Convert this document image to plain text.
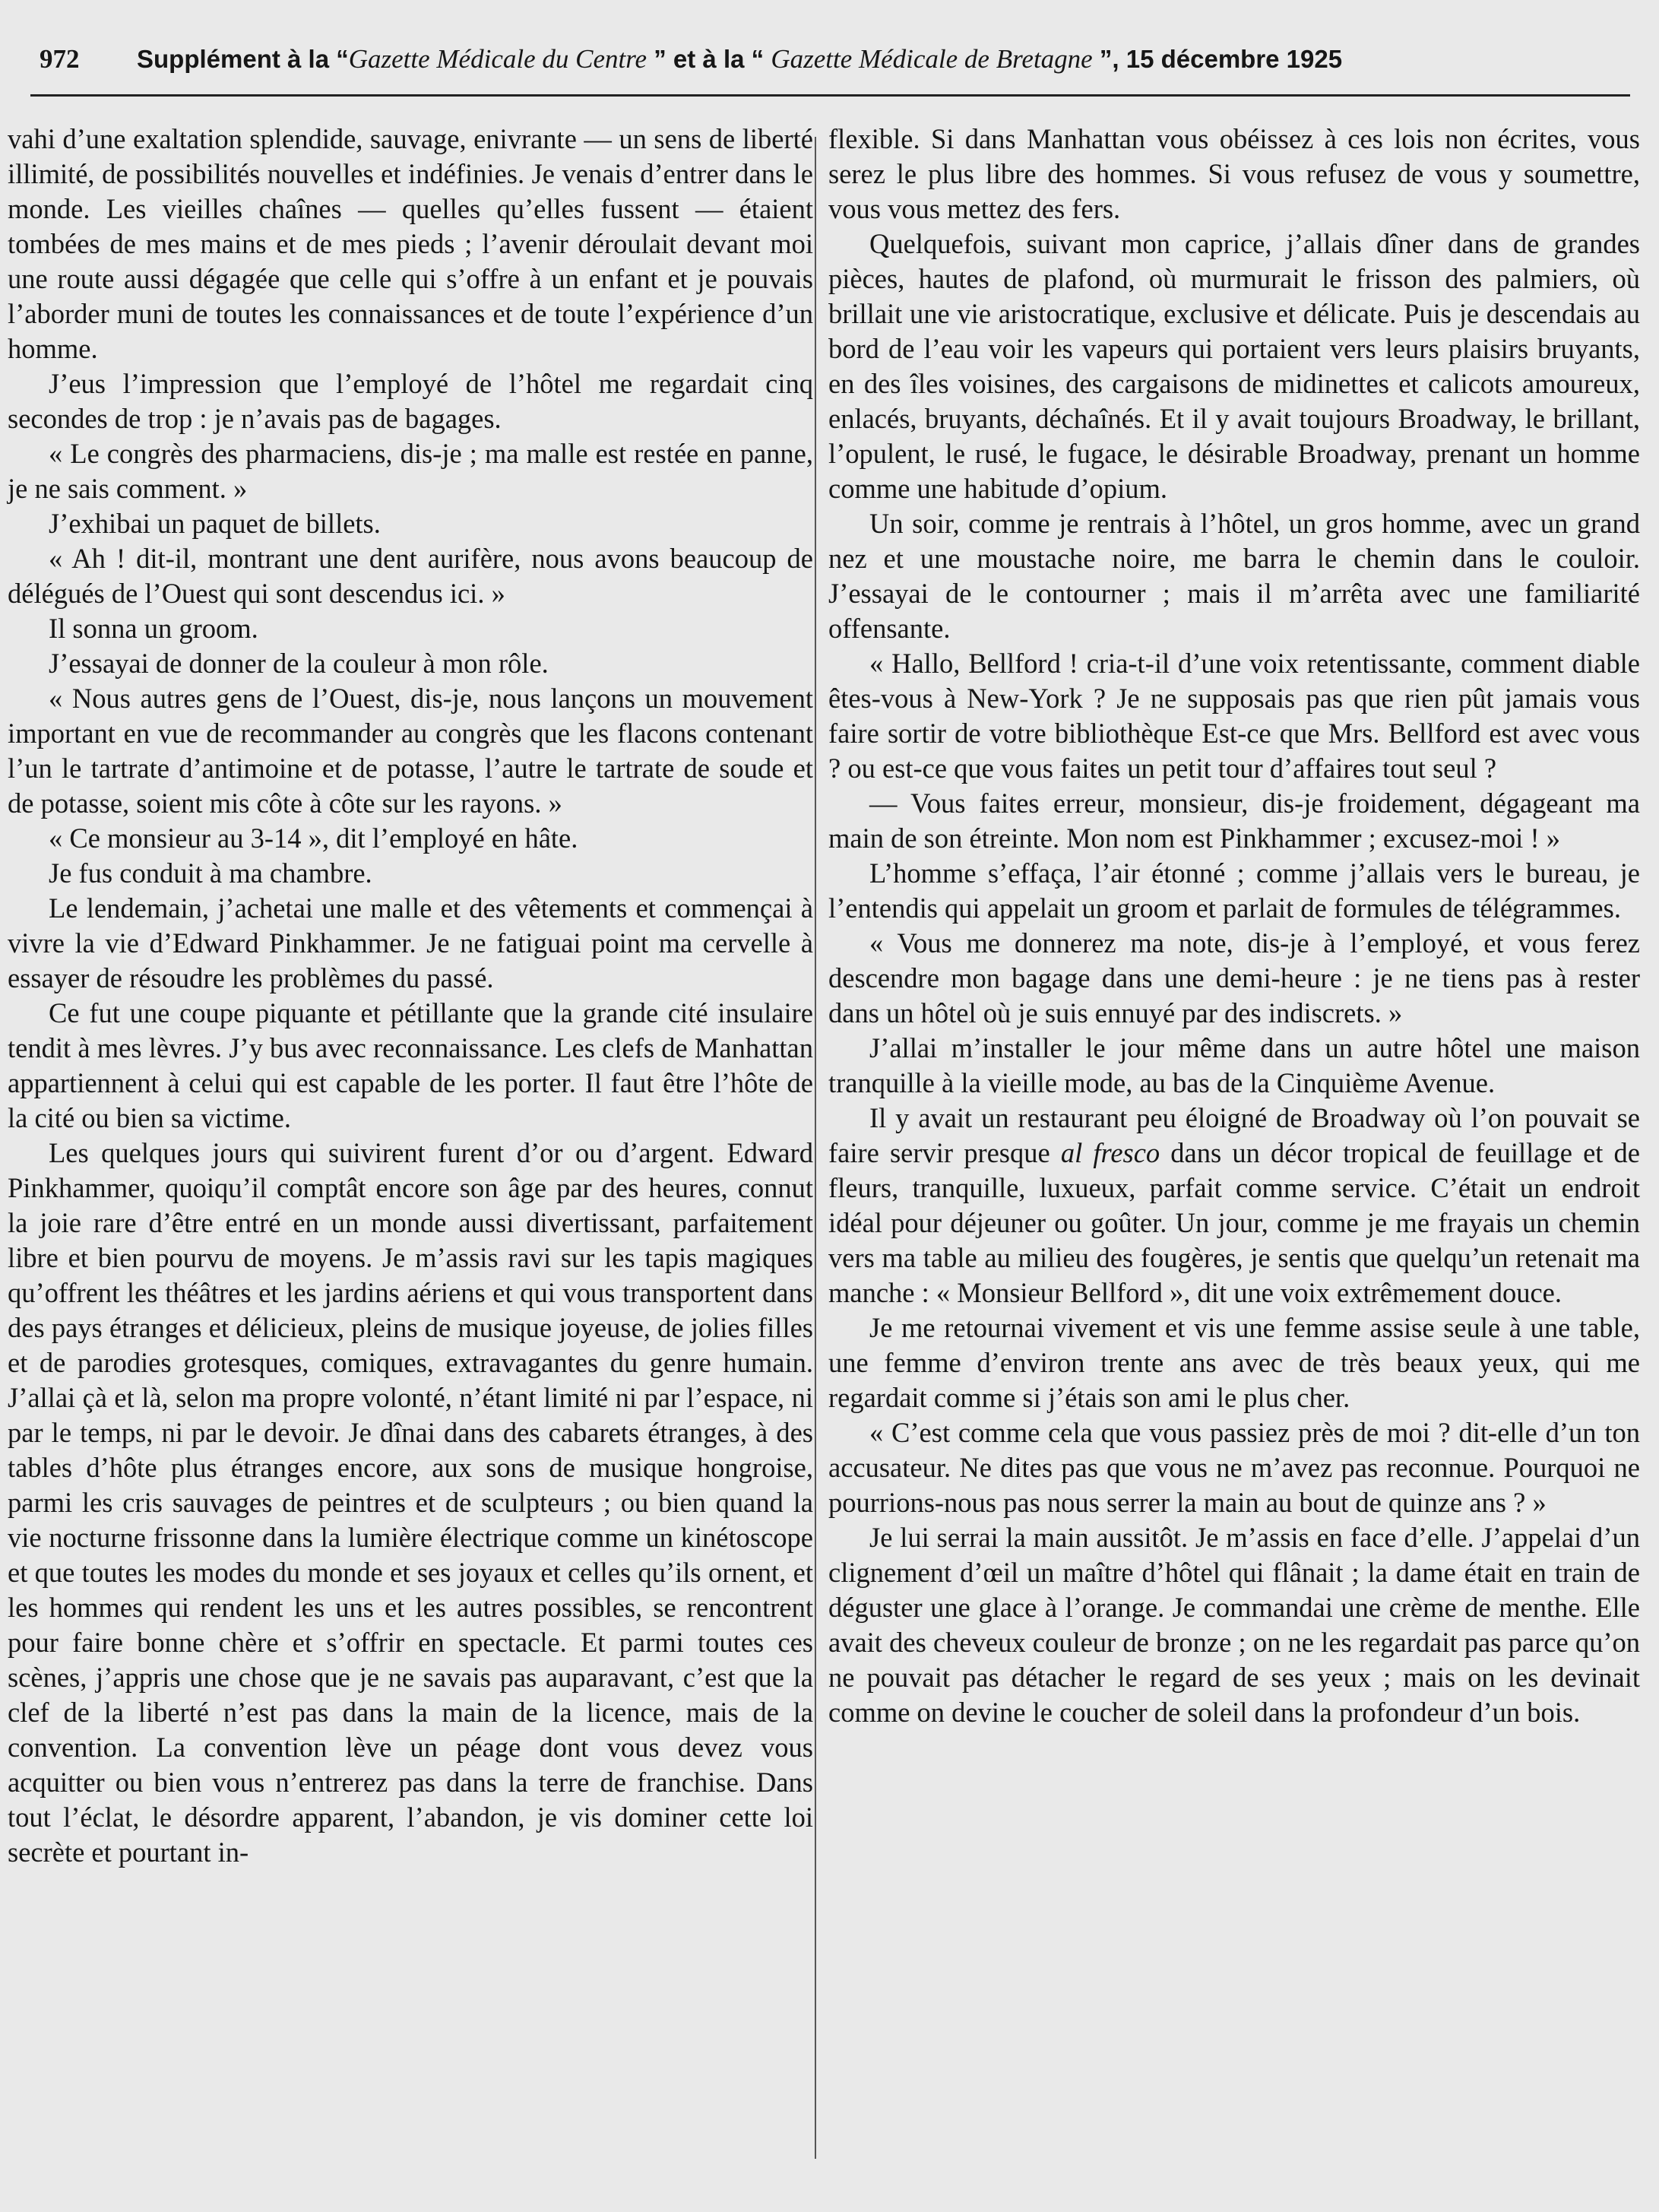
972 Supplément à la “Gazette Médicale du Centre ” et à la “ Gazette Médicale de Bretagne ”, 15 décembre 1925

vahi d’une exaltation splendide, sauvage, enivrante — un sens de liberté illimité, de possibilités nouvelles et indéfinies. Je venais d’entrer dans le monde. Les vieilles chaînes — quelles qu’elles fussent — étaient tombées de mes mains et de mes pieds ; l’avenir déroulait devant moi une route aussi dégagée que celle qui s’offre à un enfant et je pouvais l’aborder muni de toutes les connaissances et de toute l’expérience d’un homme.

J’eus l’impression que l’employé de l’hôtel me regardait cinq secondes de trop : je n’avais pas de bagages.

« Le congrès des pharmaciens, dis-je ; ma malle est restée en panne, je ne sais comment. »

J’exhibai un paquet de billets.

« Ah ! dit-il, montrant une dent aurifère, nous avons beaucoup de délégués de l’Ouest qui sont descendus ici. »

Il sonna un groom.

J’essayai de donner de la couleur à mon rôle.

« Nous autres gens de l’Ouest, dis-je, nous lançons un mouvement important en vue de recommander au congrès que les flacons contenant l’un le tartrate d’antimoine et de potasse, l’autre le tartrate de soude et de potasse, soient mis côte à côte sur les rayons. »

« Ce monsieur au 3-14 », dit l’employé en hâte.

Je fus conduit à ma chambre.

Le lendemain, j’achetai une malle et des vêtements et commençai à vivre la vie d’Edward Pinkhammer. Je ne fatiguai point ma cervelle à essayer de résoudre les problèmes du passé.

Ce fut une coupe piquante et pétillante que la grande cité insulaire tendit à mes lèvres. J’y bus avec reconnaissance. Les clefs de Manhattan appartiennent à celui qui est capable de les porter. Il faut être l’hôte de la cité ou bien sa victime.

Les quelques jours qui suivirent furent d’or ou d’argent. Edward Pinkhammer, quoiqu’il comptât encore son âge par des heures, connut la joie rare d’être entré en un monde aussi divertissant, parfaitement libre et bien pourvu de moyens. Je m’assis ravi sur les tapis magiques qu’offrent les théâtres et les jardins aériens et qui vous transportent dans des pays étranges et délicieux, pleins de musique joyeuse, de jolies filles et de parodies grotesques, comiques, extravagantes du genre humain. J’allai çà et là, selon ma propre volonté, n’étant limité ni par l’espace, ni par le temps, ni par le devoir. Je dînai dans des cabarets étranges, à des tables d’hôte plus étranges encore, aux sons de musique hongroise, parmi les cris sauvages de peintres et de sculpteurs ; ou bien quand la vie nocturne frissonne dans la lumière électrique comme un kinétoscope et que toutes les modes du monde et ses joyaux et celles qu’ils ornent, et les hommes qui rendent les uns et les autres possibles, se rencontrent pour faire bonne chère et s’offrir en spectacle. Et parmi toutes ces scènes, j’appris une chose que je ne savais pas auparavant, c’est que la clef de la liberté n’est pas dans la main de la licence, mais de la convention. La convention lève un péage dont vous devez vous acquitter ou bien vous n’entrerez pas dans la terre de franchise. Dans tout l’éclat, le désordre apparent, l’abandon, je vis dominer cette loi secrète et pourtant in-

flexible. Si dans Manhattan vous obéissez à ces lois non écrites, vous serez le plus libre des hommes. Si vous refusez de vous y soumettre, vous vous mettez des fers.

Quelquefois, suivant mon caprice, j’allais dîner dans de grandes pièces, hautes de plafond, où murmurait le frisson des palmiers, où brillait une vie aristocratique, exclusive et délicate. Puis je descendais au bord de l’eau voir les vapeurs qui portaient vers leurs plaisirs bruyants, en des îles voisines, des cargaisons de midinettes et calicots amoureux, enlacés, bruyants, déchaînés. Et il y avait toujours Broadway, le brillant, l’opulent, le rusé, le fugace, le désirable Broadway, prenant un homme comme une habitude d’opium.

Un soir, comme je rentrais à l’hôtel, un gros homme, avec un grand nez et une moustache noire, me barra le chemin dans le couloir. J’essayai de le contourner ; mais il m’arrêta avec une familiarité offensante.

« Hallo, Bellford ! cria-t-il d’une voix retentissante, comment diable êtes-vous à New-York ? Je ne supposais pas que rien pût jamais vous faire sortir de votre bibliothèque Est-ce que Mrs. Bellford est avec vous ? ou est-ce que vous faites un petit tour d’affaires tout seul ?

— Vous faites erreur, monsieur, dis-je froidement, dégageant ma main de son étreinte. Mon nom est Pinkhammer ; excusez-moi ! »

L’homme s’effaça, l’air étonné ; comme j’allais vers le bureau, je l’entendis qui appelait un groom et parlait de formules de télégrammes.

« Vous me donnerez ma note, dis-je à l’employé, et vous ferez descendre mon bagage dans une demi-heure : je ne tiens pas à rester dans un hôtel où je suis ennuyé par des indiscrets. »

J’allai m’installer le jour même dans un autre hôtel une maison tranquille à la vieille mode, au bas de la Cinquième Avenue.

Il y avait un restaurant peu éloigné de Broadway où l’on pouvait se faire servir presque al fresco dans un décor tropical de feuillage et de fleurs, tranquille, luxueux, parfait comme service. C’était un endroit idéal pour déjeuner ou goûter. Un jour, comme je me frayais un chemin vers ma table au milieu des fougères, je sentis que quelqu’un retenait ma manche : « Monsieur Bellford », dit une voix extrêmement douce.

Je me retournai vivement et vis une femme assise seule à une table, une femme d’environ trente ans avec de très beaux yeux, qui me regardait comme si j’étais son ami le plus cher.

« C’est comme cela que vous passiez près de moi ? dit-elle d’un ton accusateur. Ne dites pas que vous ne m’avez pas reconnue. Pourquoi ne pourrions-nous pas nous serrer la main au bout de quinze ans ? »

Je lui serrai la main aussitôt. Je m’assis en face d’elle. J’appelai d’un clignement d’œil un maître d’hôtel qui flânait ; la dame était en train de déguster une glace à l’orange. Je commandai une crème de menthe. Elle avait des cheveux couleur de bronze ; on ne les regardait pas parce qu’on ne pouvait pas détacher le regard de ses yeux ; mais on les devinait comme on devine le coucher de soleil dans la profondeur d’un bois.
